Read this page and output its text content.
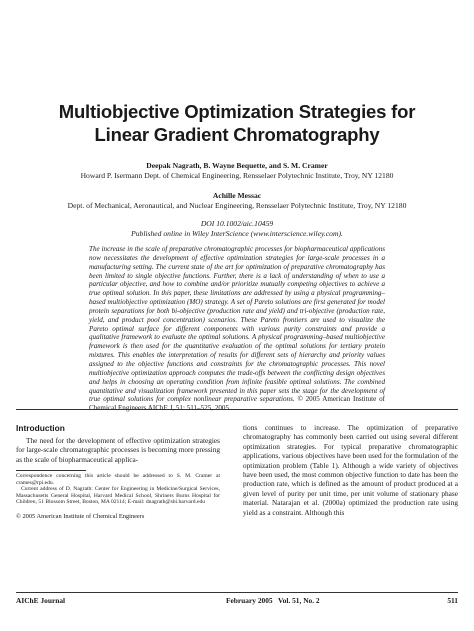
Multiobjective Optimization Strategies for Linear Gradient Chromatography
Deepak Nagrath, B. Wayne Bequette, and S. M. Cramer
Howard P. Isermann Dept. of Chemical Engineering, Rensselaer Polytechnic Institute, Troy, NY 12180
Achille Messac
Dept. of Mechanical, Aeronautical, and Nuclear Engineering, Rensselaer Polytechnic Institute, Troy, NY 12180
DOI 10.1002/aic.10459
Published online in Wiley InterScience (www.interscience.wiley.com).
The increase in the scale of preparative chromatographic processes for biopharmaceutical applications now necessitates the development of effective optimization strategies for large-scale processes in a manufacturing setting. The current state of the art for optimization of preparative chromatography has been limited to single objective functions. Further, there is a lack of understanding of when to use a particular objective, and how to combine and/or prioritize mutually competing objectives to achieve a true optimal solution. In this paper, these limitations are addressed by using a physical programming–based multiobjective optimization (MO) strategy. A set of Pareto solutions are first generated for model protein separations for both bi-objective (production rate and yield) and tri-objective (production rate, yield, and product pool concentration) scenarios. These Pareto frontiers are used to visualize the Pareto optimal surface for different components with various purity constraints and provide a qualitative framework to evaluate the optimal solutions. A physical programming–based multiobjective framework is then used for the quantitative evaluation of the optimal solutions for tertiary protein mixtures. This enables the interpretation of results for different sets of hierarchy and priority values assigned to the objective functions and constraints for the chromatographic processes. This novel multiobjective optimization approach computes the trade-offs between the conflicting design objectives and helps in choosing an operating condition from infinite feasible optimal solutions. The combined quantitative and visualization framework presented in this paper sets the stage for the development of true optimal solutions for complex nonlinear preparative separations. © 2005 American Institute of Chemical Engineers AIChE J, 51: 511–525, 2005
Introduction

The need for the development of effective optimization strategies for large-scale chromatographic processes is becoming more pressing as the scale of biopharmaceutical applica-

Correspondence concerning this article should be addressed to S. M. Cramer at crames@rpi.edu.

Current address of D. Nagrath: Center for Engineering in Medicine/Surgical Services, Massachusetts General Hospital, Harvard Medical School, Shriners Burns Hospital for Children, 51 Blossom Street, Boston, MA 02114; E-mail: dnagrath@sbi.harvard.edu

© 2005 American Institute of Chemical Engineers

tions continues to increase. The optimization of preparative chromatography has commonly been carried out using several different optimization strategies. For typical preparative chromatographic applications, various objectives have been used for the formulation of the optimization problem (Table 1). Although a wide variety of objectives have been used, the most common objective function to date has been the production rate, which is defined as the amount of product produced at a given level of purity per unit time, per unit volume of stationary phase material. Natarajan et al. (2000a) optimized the production rate using yield as a constraint. Although this

AIChE Journal	February 2005   Vol. 51, No. 2	511
